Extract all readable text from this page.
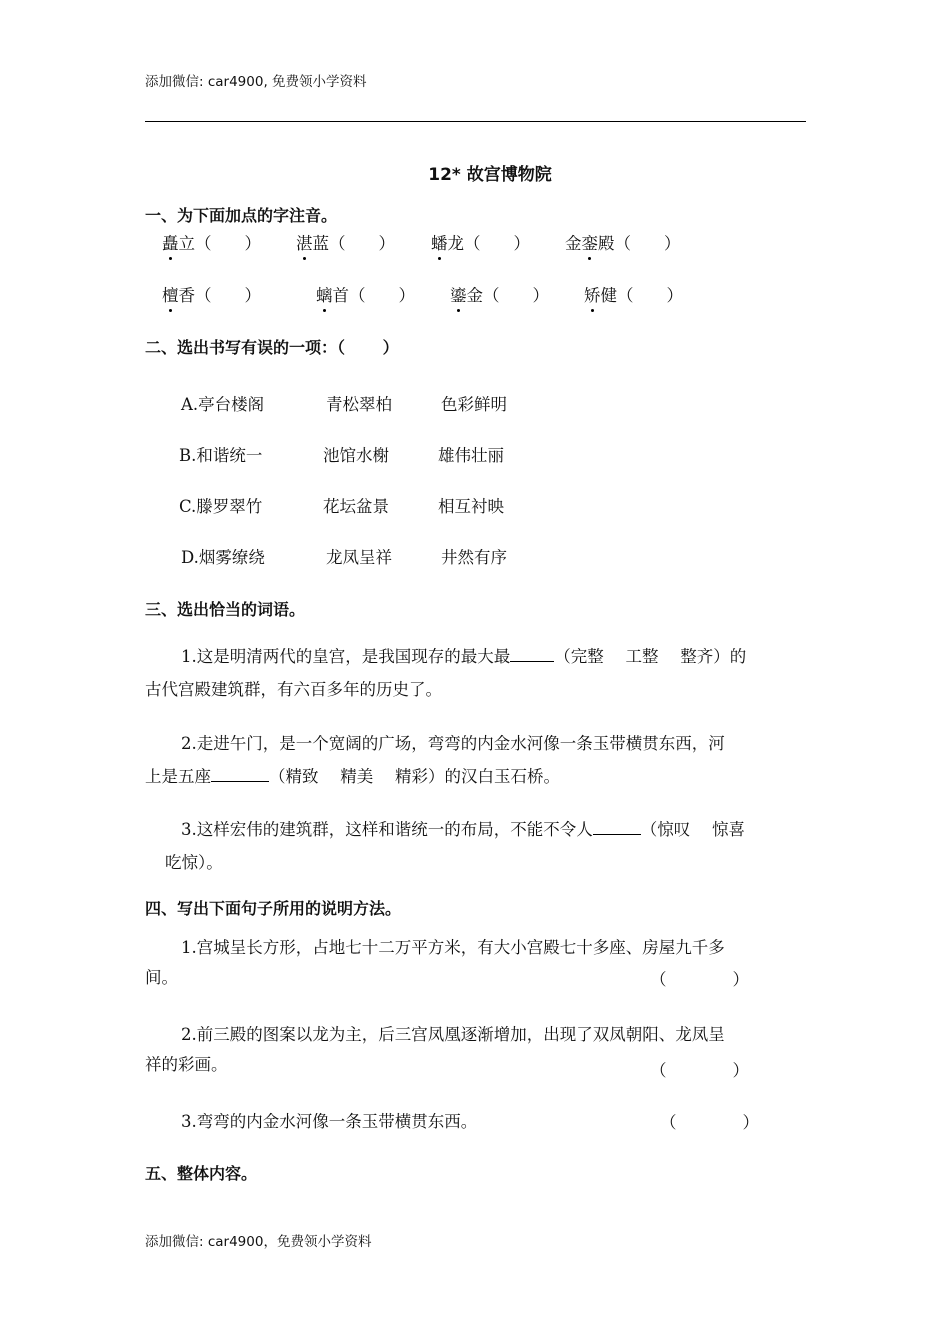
添加微信: car4900, 免费领小学资料
12* 故宫博物院
一、为下面加点的字注音。
矗立（　　） 湛蓝（　　） 蟠龙（　　） 金銮殿（　　）
檀香（　　）	螭首（　　） 鎏金（　　） 矫健（　　）
二、选出书写有误的一项：（　　 ）
A.亭台楼阁	青松翠柏	色彩鲜明
B.和谐统一	池馆水榭	雄伟壮丽
C.滕罗翠竹	花坛盆景	相互衬映
D.烟雾缭绕	龙凤呈祥	井然有序
三、选出恰当的词语。
1.这是明清两代的皇宫，是我国现存的最大最	（完整　 工整　 整齐）的
古代宫殿建筑群，有六百多年的历史了。
2.走进午门，是一个宽阔的广场，弯弯的内金水河像一条玉带横贯东西，河
上是五座	（精致　 精美　 精彩）的汉白玉石桥。
3.这样宏伟的建筑群，这样和谐统一的布局，不能不令人	（惊叹　 惊喜
吃惊）。
四、写出下面句子所用的说明方法。
1.宫城呈长方形，占地七十二万平方米，有大小宫殿七十多座、房屋九千多
间。	（　　　　）
2.前三殿的图案以龙为主，后三宫凤凰逐渐增加，出现了双凤朝阳、龙凤呈
祥的彩画。	（　　　　）
3.弯弯的内金水河像一条玉带横贯东西。	（　　　　）
五、整体内容。
添加微信: car4900，免费领小学资料
